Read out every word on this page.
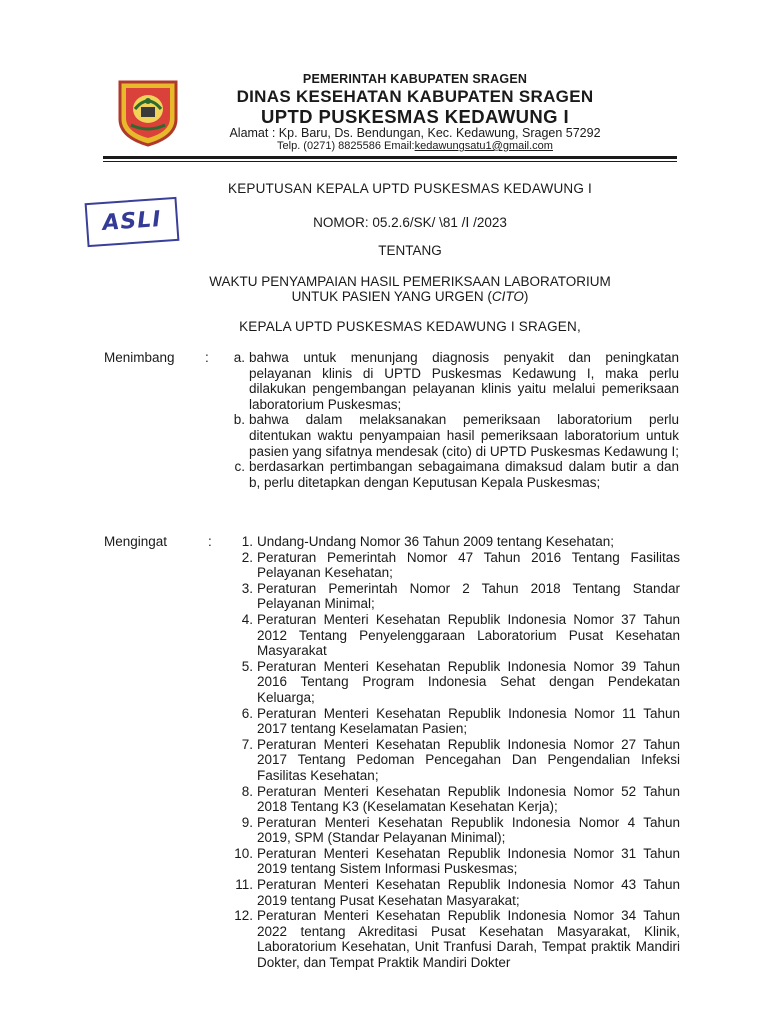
PEMERINTAH KABUPATEN SRAGEN
DINAS KESEHATAN KABUPATEN SRAGEN
UPTD PUSKESMAS KEDAWUNG I
Alamat : Kp. Baru, Ds. Bendungan, Kec. Kedawung, Sragen 57292
Telp. (0271) 8825586 Email:kedawungsatu1@gmail.com
ASLI
KEPUTUSAN KEPALA UPTD PUSKESMAS KEDAWUNG I
NOMOR: 05.2.6/SK/ \81 /Ⅰ /2023
TENTANG
WAKTU PENYAMPAIAN HASIL PEMERIKSAAN LABORATORIUM
UNTUK PASIEN YANG URGEN (CITO)
KEPALA UPTD PUSKESMAS KEDAWUNG I SRAGEN,
Menimbang :	a. bahwa untuk menunjang diagnosis penyakit dan peningkatan pelayanan klinis di UPTD Puskesmas Kedawung I, maka perlu dilakukan pengembangan pelayanan klinis yaitu melalui pemeriksaan laboratorium Puskesmas;
b. bahwa dalam melaksanakan pemeriksaan laboratorium perlu ditentukan waktu penyampaian hasil pemeriksaan laboratorium untuk pasien yang sifatnya mendesak (cito) di UPTD Puskesmas Kedawung I;
c. berdasarkan pertimbangan sebagaimana dimaksud dalam butir a dan b, perlu ditetapkan dengan Keputusan Kepala Puskesmas;
Mengingat	:	1. Undang-Undang Nomor 36 Tahun 2009 tentang Kesehatan;
2. Peraturan Pemerintah Nomor 47 Tahun 2016 Tentang Fasilitas Pelayanan Kesehatan;
3. Peraturan Pemerintah Nomor 2 Tahun 2018 Tentang Standar Pelayanan Minimal;
4. Peraturan Menteri Kesehatan Republik Indonesia Nomor 37 Tahun 2012 Tentang Penyelenggaraan Laboratorium Pusat Kesehatan Masyarakat
5. Peraturan Menteri Kesehatan Republik Indonesia Nomor 39 Tahun 2016 Tentang Program Indonesia Sehat dengan Pendekatan Keluarga;
6. Peraturan Menteri Kesehatan Republik Indonesia Nomor 11 Tahun 2017 tentang Keselamatan Pasien;
7. Peraturan Menteri Kesehatan Republik Indonesia Nomor 27 Tahun 2017 Tentang Pedoman Pencegahan Dan Pengendalian Infeksi Fasilitas Kesehatan;
8. Peraturan Menteri Kesehatan Republik Indonesia Nomor 52 Tahun 2018 Tentang K3 (Keselamatan Kesehatan Kerja);
9. Peraturan Menteri Kesehatan Republik Indonesia Nomor 4 Tahun 2019, SPM (Standar Pelayanan Minimal);
10. Peraturan Menteri Kesehatan Republik Indonesia Nomor 31 Tahun 2019 tentang Sistem Informasi Puskesmas;
11. Peraturan Menteri Kesehatan Republik Indonesia Nomor 43 Tahun 2019 tentang Pusat Kesehatan Masyarakat;
12. Peraturan Menteri Kesehatan Republik Indonesia Nomor 34 Tahun 2022 tentang Akreditasi Pusat Kesehatan Masyarakat, Klinik, Laboratorium Kesehatan, Unit Tranfusi Darah, Tempat praktik Mandiri Dokter, dan Tempat Praktik Mandiri Dokter
